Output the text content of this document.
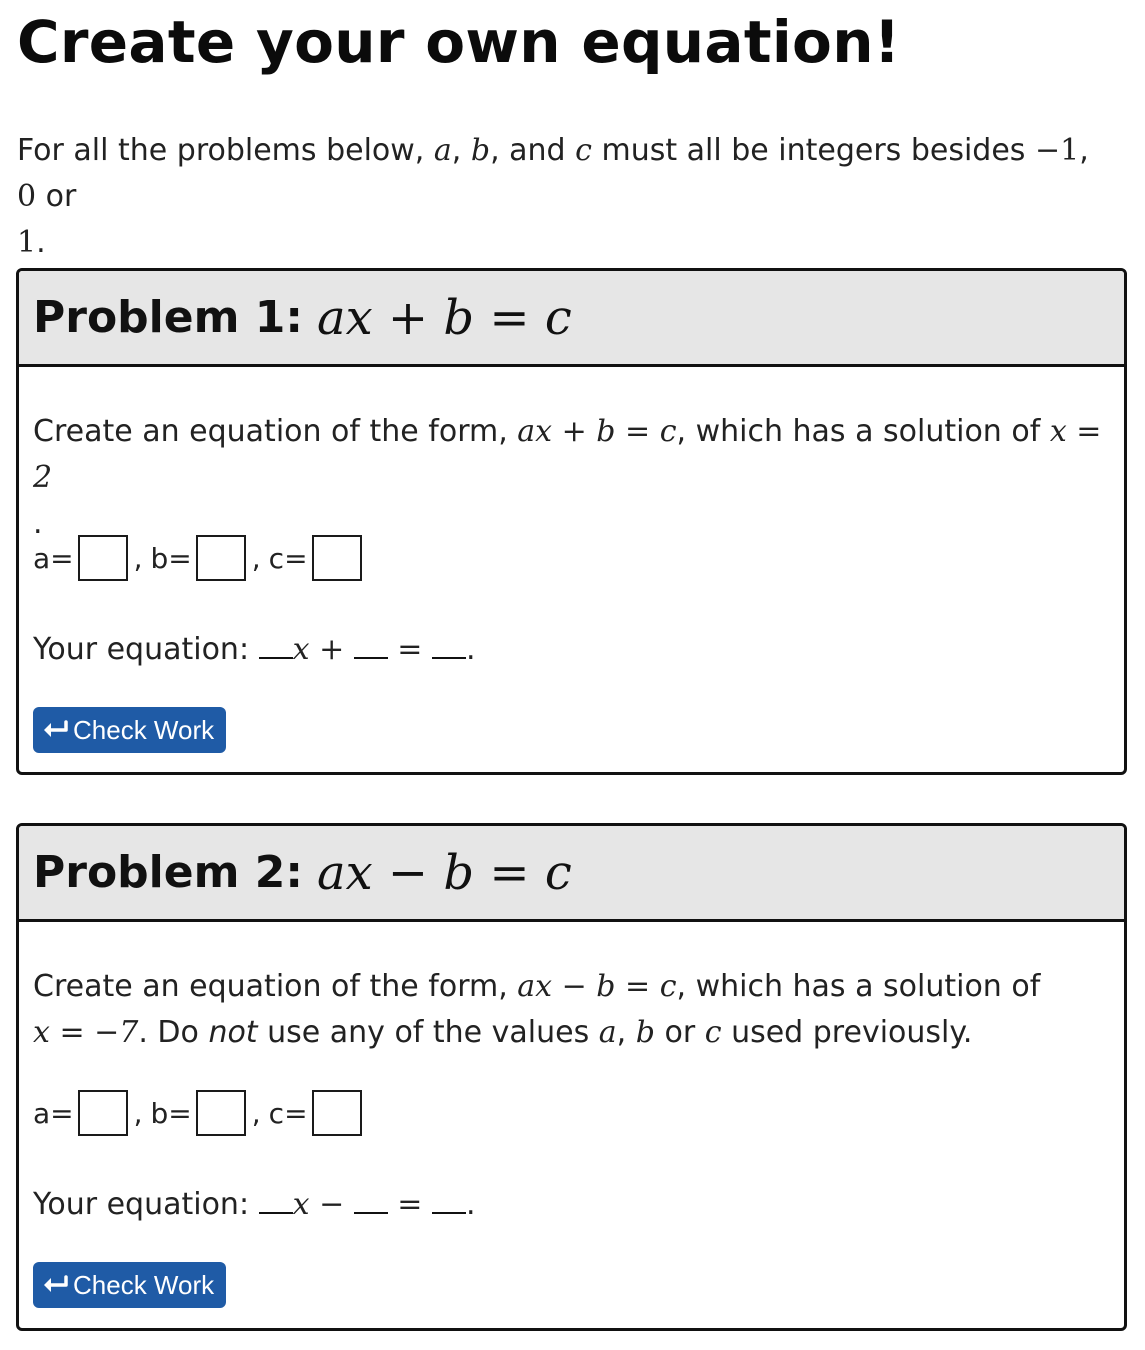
Create your own equation!

For all the problems below, a, b, and c must all be integers besides −1, 0 or
1.

Problem 1: ax + b = c

Create an equation of the form, ax + b = c, which has a solution of x = 2
.

a= , b= , c=
Your equation: x + = .
Check Work
Problem 2: ax − b = c

Create an equation of the form, ax − b = c, which has a solution of
x = −7. Do not use any of the values a, b or c used previously.

a= , b= , c=
Your equation: x − = .
Check Work
